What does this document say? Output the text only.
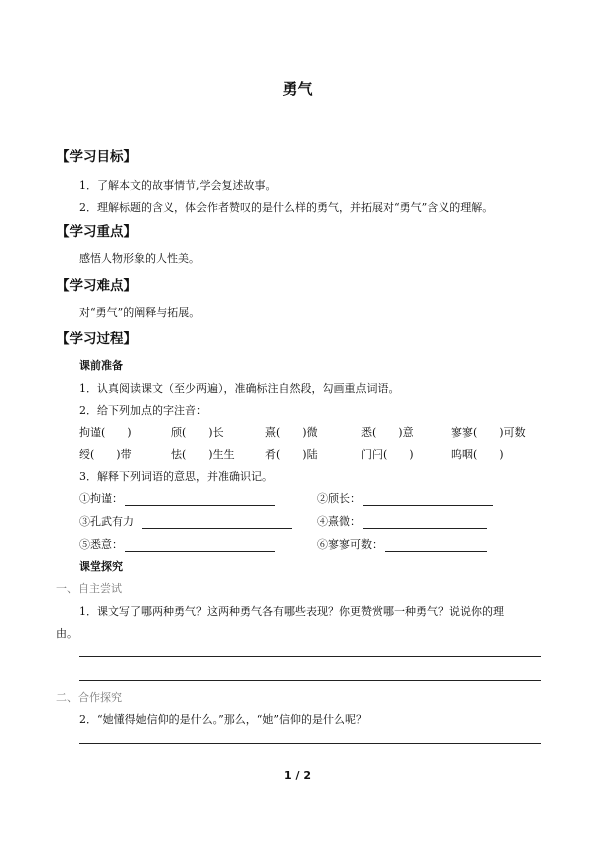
勇气
【学习目标】
1．了解本文的故事情节,学会复述故事。
2．理解标题的含义，体会作者赞叹的是什么样的勇气，并拓展对“勇气”含义的理解。
【学习重点】
感悟人物形象的人性美。
【学习难点】
对“勇气”的阐释与拓展。
【学习过程】
课前准备
1．认真阅读课文（至少两遍），准确标注自然段，勾画重点词语。
2．给下列加点的字注音：
拘谨(　　)	颀(　　)长	熹(　　)微	悉(　　)意	寥寥(　　)可数
绶(　　)带	怯(　　)生生	肴(　　)陆	门闩(　　)	呜咽(　　)
3．解释下列词语的意思，并准确识记。
①拘谨：	②颀长：
③孔武有力	④熹微：
⑤悉意：	⑥寥寥可数：
课堂探究
一、自主尝试
1．课文写了哪两种勇气？这两种勇气各有哪些表现？你更赞赏哪一种勇气？说说你的理
由。
二、合作探究
2．“她懂得她信仰的是什么。”那么，“她”信仰的是什么呢？
1 / 2
